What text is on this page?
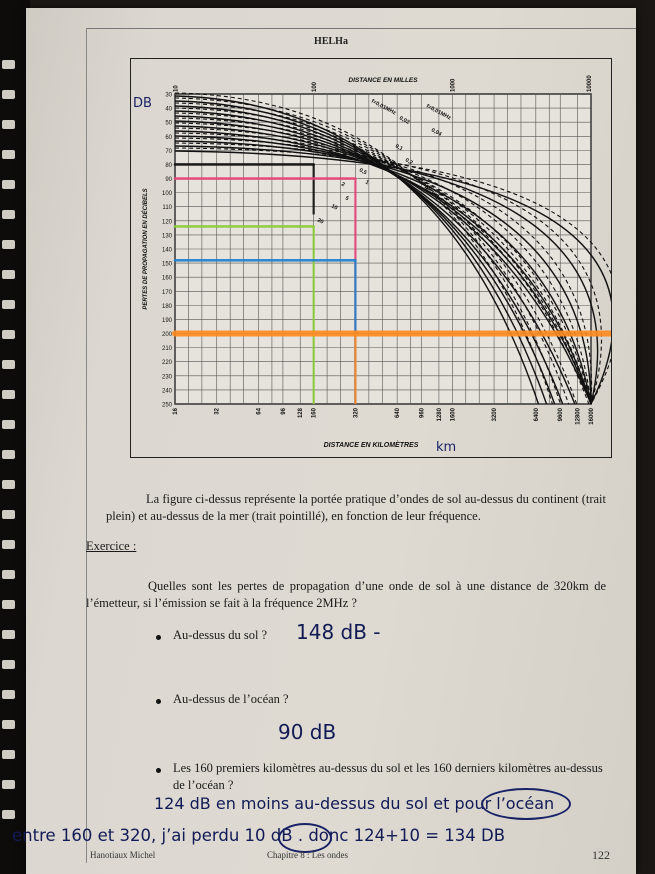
HELHa
30
40
50
60
70
80
90
100
110
120
130
140
150
160
170
180
190
200
210
220
230
240
250
16	32	64	96 128 160	320	640	960 1280 1600	3200	6400	9600 12800 16000
10	100	1000	10000
DISTANCE EN MILLES
DISTANCE EN KILOMÈTRES
PERTES DE PROPAGATION EN DÉCIBELS
DB
km
f=0,01MHz	f=0,01MHz
0,02
0,04
0,1
0,2
0,5
1
2
5
10
20
La figure ci-dessus représente la portée pratique d’ondes de sol au-dessus du continent (trait plein) et au-dessus de la mer (trait pointillé), en fonction de leur fréquence.
Exercice :
Quelles sont les pertes de propagation d’une onde de sol à une distance de 320km de l’émetteur, si l’émission se fait à la fréquence 2MHz ?
Au-dessus du sol ? 148 dB -
Au-dessus de l’océan ?
90 dB
Les 160 premiers kilomètres au-dessus du sol et les 160 derniers kilomètres au-dessus de l’océan ?
124 dB en moins au-dessus du sol et pour l’océan
entre 160 et 320, j’ai perdu 10 dB . donc 124+10 = 134 DB
Hanotiaux Michel	Chapitre 8 : Les ondes	122
